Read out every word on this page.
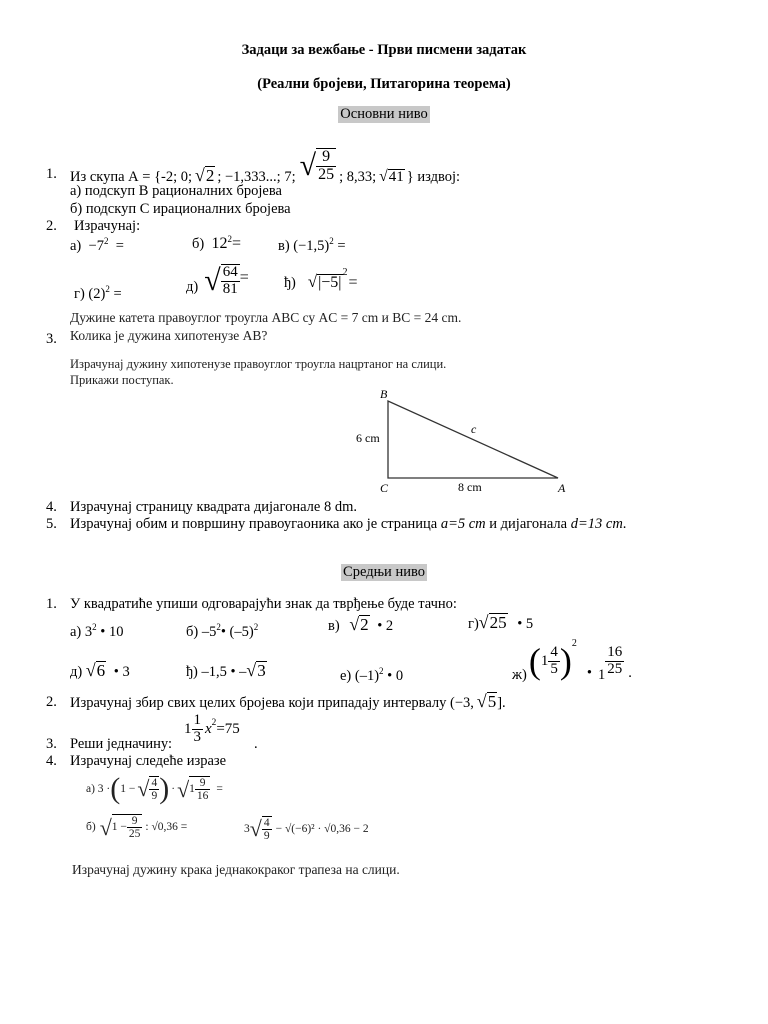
Задаци за вежбање - Први писмени задатак
(Реални бројеви, Питагорина теорема)
Основни ниво
1. Из скупа А = {-2; 0; √2 ; −1,333...; 7; √ $\frac{9}{25}$ ; 8,33; √41 } издвој:
а) подскуп В рационалних бројева
б) подскуп С ирационалних бројева
2.	Израчунај:
$а) -7^2$ =	б) $12^2=$	в) $(-1,5)^2$ =
г) $(2)^2$ =	д) √ $\frac{64}{81} = ђ$) $√|-5|^2$
=
3.
Дужине катета правоуглог троугла ABC су AC = 7 cm и BC = 24 cm.
Колика је дужина хипотенузе AB?
Израчунај дужину хипотенузе правоуглог троугла нацртаног на слици.
Прикажи поступак.
B
C	A
c
6 cm
8 cm
4. Израчунај страницу квадрата дијагонале 8 dm.
5. Израчунај обим и површину правоугаоника ако је страница a=5 cm и дијагонала d=13 cm.
Средњи ниво
1. У квадратиће упиши одговарајући знак да тврђење буде тачно:
а) $3^2$ • 10	б) $-5^2•$ $(-5)^2$	в) √2 • 2	г)√25 • 5
д) √6 • 3	ђ) –1,5 • –√3	е) $(-1)^2$ • 0	ж) ( $1 \frac{4}{5} )^2$
• $1 \frac{16}{25}$ .
2. Израчунај збир свих целих бројева који припадају интервалу (−3, √5 ].
3. Реши једначину:
$1 \frac{1}{3} x^2 =75$
.
4. Израчунај следеће изразе
а) 3 · ( 1 − √ $\frac{4}{9}$ ) · √ $1 \frac{9}{16}$ =
б) √ $1 - \frac{9}{25}$ : √0,36 =	3 √ $\frac{4}{9} - √(-6)^2 \cdot √0,36 - 2$
Израчунај дужину крака једнакокраког трапеза на слици.
